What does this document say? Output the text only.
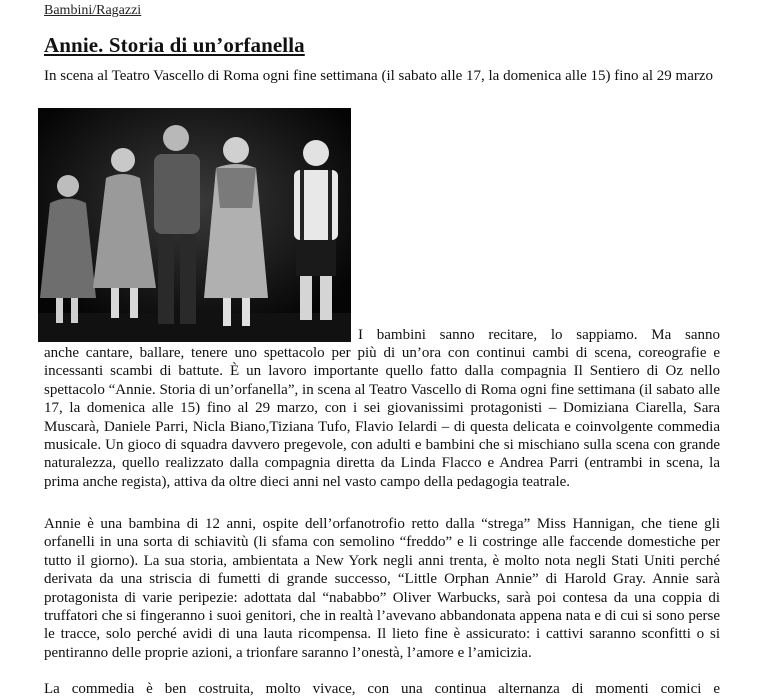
Bambini/Ragazzi
Annie. Storia di un’orfanella
In scena al Teatro Vascello di Roma ogni fine settimana (il sabato alle 17, la domenica alle 15) fino al 29 marzo
I bambini sanno recitare, lo sappiamo. Ma sanno

anche cantare, ballare, tenere uno spettacolo per più di un’ora con continui cambi di scena, coreografie e incessanti scambi di battute. È un lavoro importante quello fatto dalla compagnia Il Sentiero di Oz nello spettacolo “Annie. Storia di un’orfanella”, in scena al Teatro Vascello di Roma ogni fine settimana (il sabato alle 17, la domenica alle 15) fino al 29 marzo, con i sei giovanissimi protagonisti – Domiziana Ciarella, Sara Muscarà, Daniele Parri, Nicla Biano,Tiziana Tufo, Flavio Ielardi – di questa delicata e coinvolgente commedia musicale. Un gioco di squadra davvero pregevole, con adulti e bambini che si mischiano sulla scena con grande naturalezza, quello realizzato dalla compagnia diretta da Linda Flacco e Andrea Parri (entrambi in scena, la prima anche regista), attiva da oltre dieci anni nel vasto campo della pedagogia teatrale.

Annie è una bambina di 12 anni, ospite dell’orfanotrofio retto dalla “strega” Miss Hannigan, che tiene gli orfanelli in una sorta di schiavitù (li sfama con semolino “freddo” e li costringe alle faccende domestiche per tutto il giorno). La sua storia, ambientata a New York negli anni trenta, è molto nota negli Stati Uniti perché derivata da una striscia di fumetti di grande successo, “Little Orphan Annie” di Harold Gray. Annie sarà protagonista di varie peripezie: adottata dal “nababbo” Oliver Warbucks, sarà poi contesa da una coppia di truffatori che si fingeranno i suoi genitori, che in realtà l’avevano abbandonata appena nata e di cui si sono perse le tracce, solo perché avidi di una lauta ricompensa. Il lieto fine è assicurato: i cattivi saranno sconfitti o si pentiranno delle proprie azioni, a trionfare saranno l’onestà, l’amore e l’amicizia.

La commedia è ben costruita, molto vivace, con una continua alternanza di momenti comici e
